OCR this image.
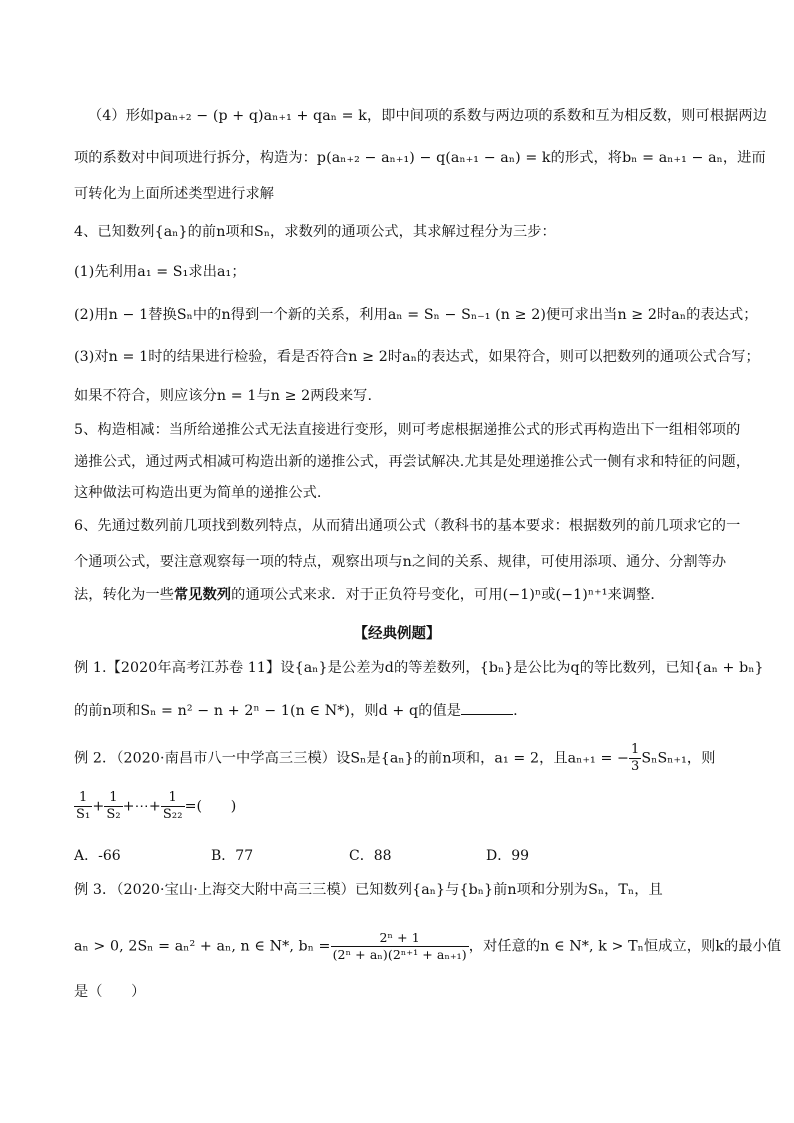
（4）形如paₙ₊₂ − (p + q)aₙ₊₁ + qaₙ = k，即中间项的系数与两边项的系数和互为相反数，则可根据两边
项的系数对中间项进行拆分，构造为：p(aₙ₊₂ − aₙ₊₁) − q(aₙ₊₁ − aₙ) = k的形式，将bₙ = aₙ₊₁ − aₙ，进而
可转化为上面所述类型进行求解
4、已知数列{aₙ}的前n项和Sₙ，求数列的通项公式，其求解过程分为三步：
(1)先利用a₁ = S₁求出a₁；
(2)用n − 1替换Sₙ中的n得到一个新的关系，利用aₙ = Sₙ − Sₙ₋₁ (n ≥ 2)便可求出当n ≥ 2时aₙ的表达式；
(3)对n = 1时的结果进行检验，看是否符合n ≥ 2时aₙ的表达式，如果符合，则可以把数列的通项公式合写；
如果不符合，则应该分n = 1与n ≥ 2两段来写.
5、构造相减：当所给递推公式无法直接进行变形，则可考虑根据递推公式的形式再构造出下一组相邻项的
递推公式，通过两式相减可构造出新的递推公式，再尝试解决.尤其是处理递推公式一侧有求和特征的问题，
这种做法可构造出更为简单的递推公式.
6、先通过数列前几项找到数列特点，从而猜出通项公式（教科书的基本要求：根据数列的前几项求它的一
个通项公式，要注意观察每一项的特点，观察出项与n之间的关系、规律，可使用添项、通分、分割等办
法，转化为一些常见数列的通项公式来求．对于正负符号变化，可用(−1)ⁿ或(−1)ⁿ⁺¹来调整．
【经典例题】
例 1.【2020年高考江苏卷 11】设{aₙ}是公差为d的等差数列，{bₙ}是公比为q的等比数列，已知{aₙ + bₙ}
的前n项和Sₙ = n² − n + 2ⁿ − 1(n ∈ N*)，则d + q的值是	.
例 2．（2020·南昌市八一中学高三三模）设Sₙ是{aₙ}的前n项和，a₁ = 2，且aₙ₊₁ = − $\frac{1}{3} S_nS_{n+1}$，则
$\frac{1}{\text{S₁}} + \frac{1}{\text{S₂}}$ +⋯+ $\frac{1}{\text{S₂₂}}$ =(　　)
A．-66	B．77	C．88	D．99
例 3．（2020·宝山·上海交大附中高三三模）已知数列{aₙ}与{bₙ}前n项和分别为Sₙ，Tₙ，且
aₙ > 0, 2Sₙ = aₙ² + aₙ, n ∈ N*, $b_n = \frac{\text{2ⁿ + 1}}{\text{(2ⁿ + aₙ)(2ⁿ⁺¹ + aₙ₊₁)}}$ ，对任意的n ∈ N*, k > Tₙ恒成立，则k的最小值
是（　　）
